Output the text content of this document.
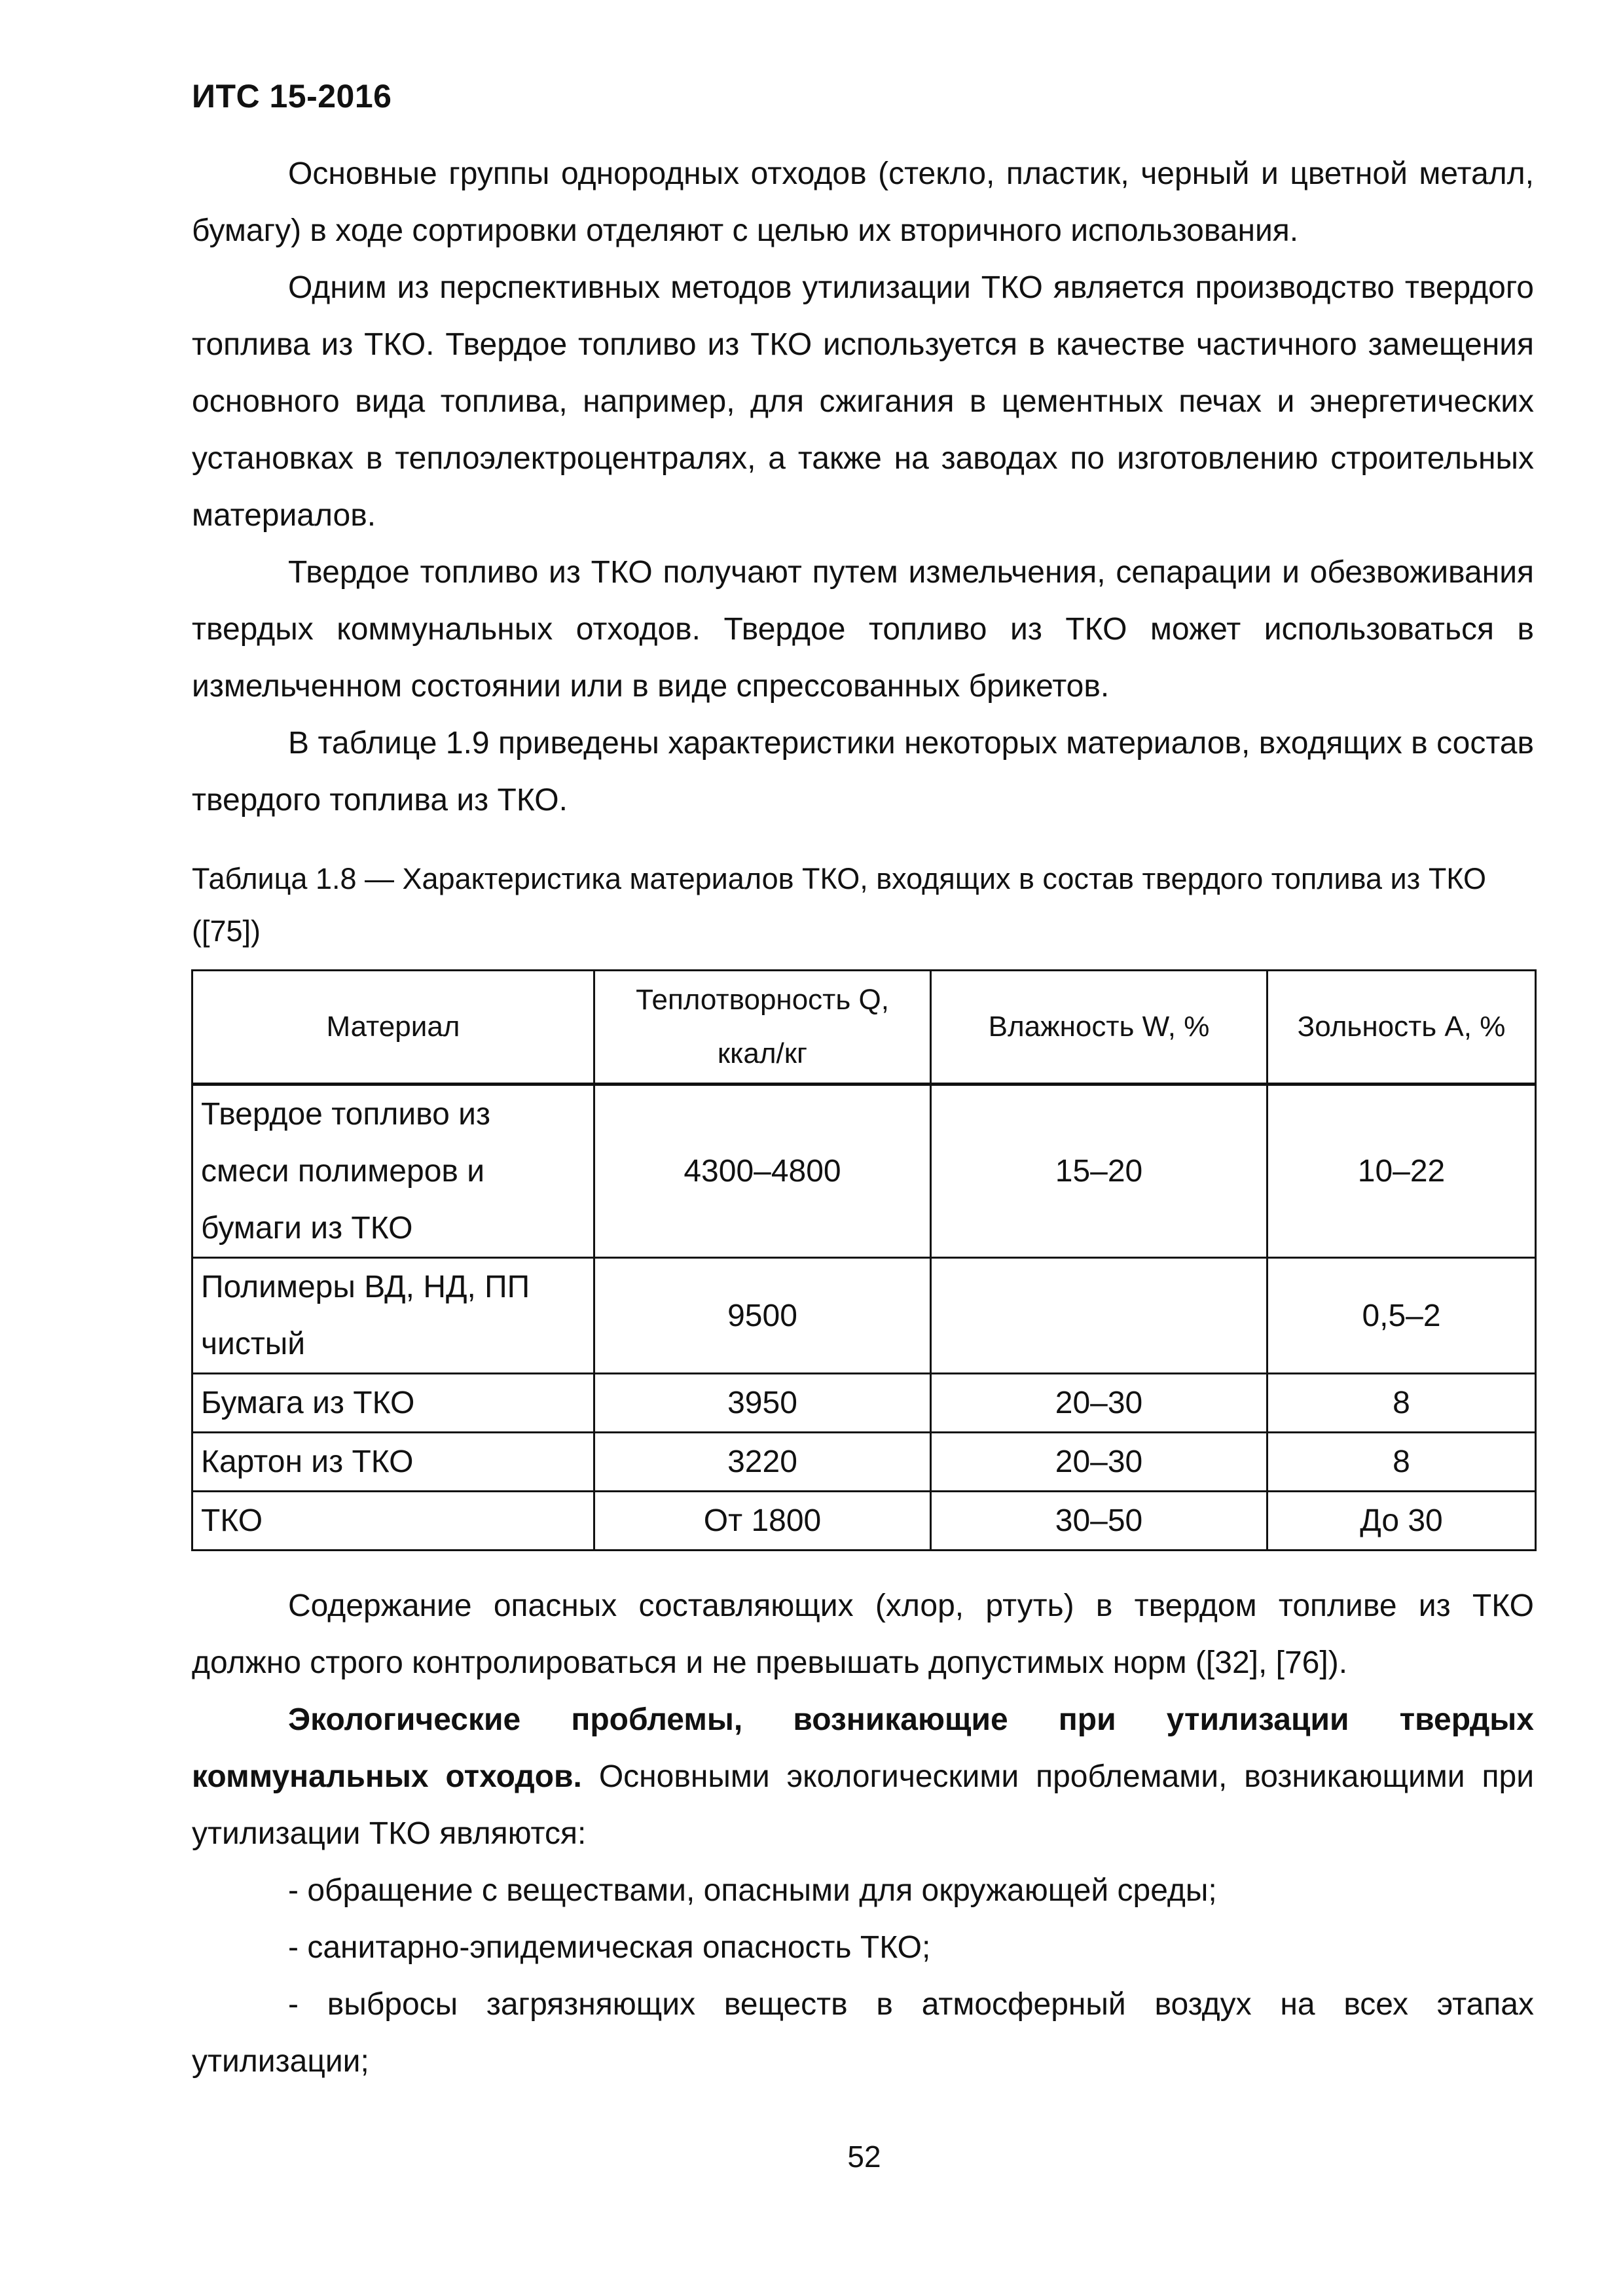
ИТС 15-2016

Основные группы однородных отходов (стекло, пластик, черный и цветной металл, бумагу) в ходе сортировки отделяют с целью их вторичного использования.

Одним из перспективных методов утилизации ТКО является производство твердого топлива из ТКО. Твердое топливо из ТКО используется в качестве частичного замещения основного вида топлива, например, для сжигания в цементных печах и энергетических установках в теплоэлектроцентралях, а также на заводах по изготовлению строительных материалов.

Твердое топливо из ТКО получают путем измельчения, сепарации и обезвоживания твердых коммунальных отходов. Твердое топливо из ТКО может использоваться в измельченном состоянии или в виде спрессованных брикетов.

В таблице 1.9 приведены характеристики некоторых материалов, входящих в состав твердого топлива из ТКО.

Таблица 1.8 — Характеристика материалов ТКО, входящих в состав твердого топлива из ТКО ([75])
Материал	Теплотворность Q, ккал/кг	Влажность W, %	Зольность А, %
Твердое топливо из смеси полимеров и бумаги из ТКО	4300–4800	15–20	10–22
Полимеры ВД, НД, ПП чистый	9500		0,5–2
Бумага из ТКО	3950	20–30	8
Картон из ТКО	3220	20–30	8
ТКО	От 1800	30–50	До 30

Содержание опасных составляющих (хлор, ртуть) в твердом топливе из ТКО должно строго контролироваться и не превышать допустимых норм ([32], [76]).

Экологические проблемы, возникающие при утилизации твердых коммунальных отходов. Основными экологическими проблемами, возникающими при утилизации ТКО являются:

- обращение с веществами, опасными для окружающей среды;

- санитарно-эпидемическая опасность ТКО;

- выбросы загрязняющих веществ в атмосферный воздух на всех этапах утилизации;

52
